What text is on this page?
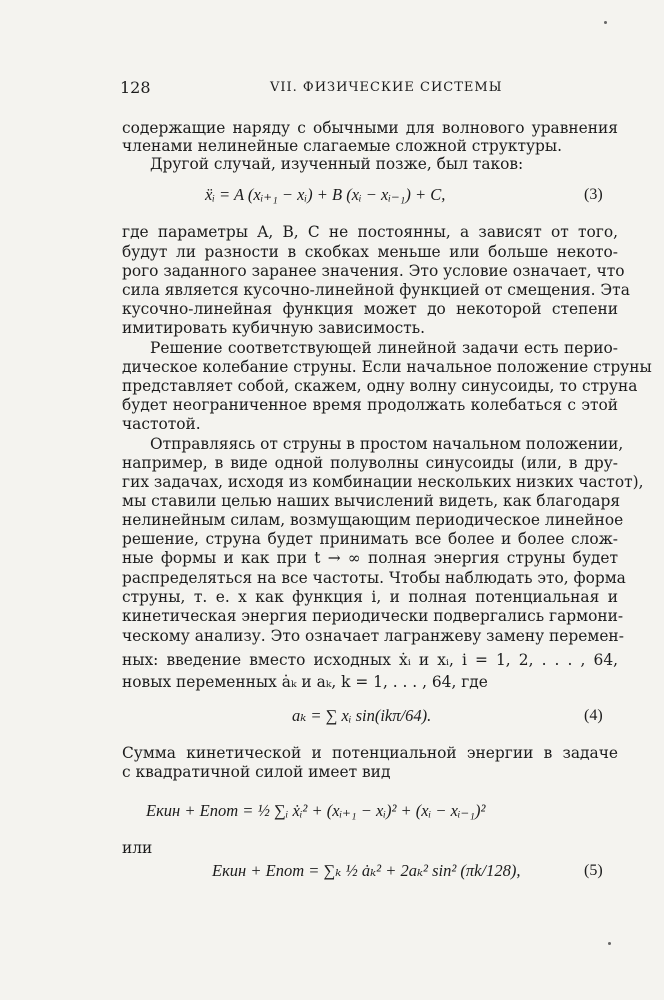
128	VII. ФИЗИЧЕСКИЕ СИСТЕМЫ
содержащие наряду с обычными для волнового уравнения
членами нелинейные слагаемые сложной структуры.
Другой случай, изученный позже, был таков:
ẍᵢ = A (xᵢ₊₁ − xᵢ) + B (xᵢ − xᵢ₋₁) + C,	(3)
где параметры A, B, C не постоянны, а зависят от того,
будут ли разности в скобках меньше или больше некото-
рого заданного заранее значения. Это условие означает, что
сила является кусочно-линейной функцией от смещения. Эта
кусочно-линейная функция может до некоторой степени
имитировать кубичную зависимость.
Решение соответствующей линейной задачи есть перио-
дическое колебание струны. Если начальное положение струны
представляет собой, скажем, одну волну синусоиды, то струна
будет неограниченное время продолжать колебаться с этой
частотой.
Отправляясь от струны в простом начальном положении,
например, в виде одной полуволны синусоиды (или, в дру-
гих задачах, исходя из комбинации нескольких низких частот),
мы ставили целью наших вычислений видеть, как благодаря
нелинейным силам, возмущающим периодическое линейное
решение, струна будет принимать все более и более слож-
ные формы и как при t → ∞ полная энергия струны будет
распределяться на все частоты. Чтобы наблюдать это, форма
струны, т. е. x как функция i, и полная потенциальная и
кинетическая энергия периодически подвергались гармони-
ческому анализу. Это означает лагранжеву замену перемен-
ных: введение вместо исходных ẋᵢ и xᵢ, i = 1, 2, . . . , 64,
новых переменных ȧₖ и aₖ, k = 1, . . . , 64, где
aₖ = ∑ xᵢ sin(ikπ/64).	(4)
Сумма кинетической и потенциальной энергии в задаче
с квадратичной силой имеет вид
Eкин + Eпот = ½ ∑ᵢ ẋᵢ² + (xᵢ₊₁ − xᵢ)² + (xᵢ − xᵢ₋₁)²
или
Eкин + Eпот = ∑ₖ ½ ȧₖ² + 2aₖ² sin² (πk/128),	(5)
